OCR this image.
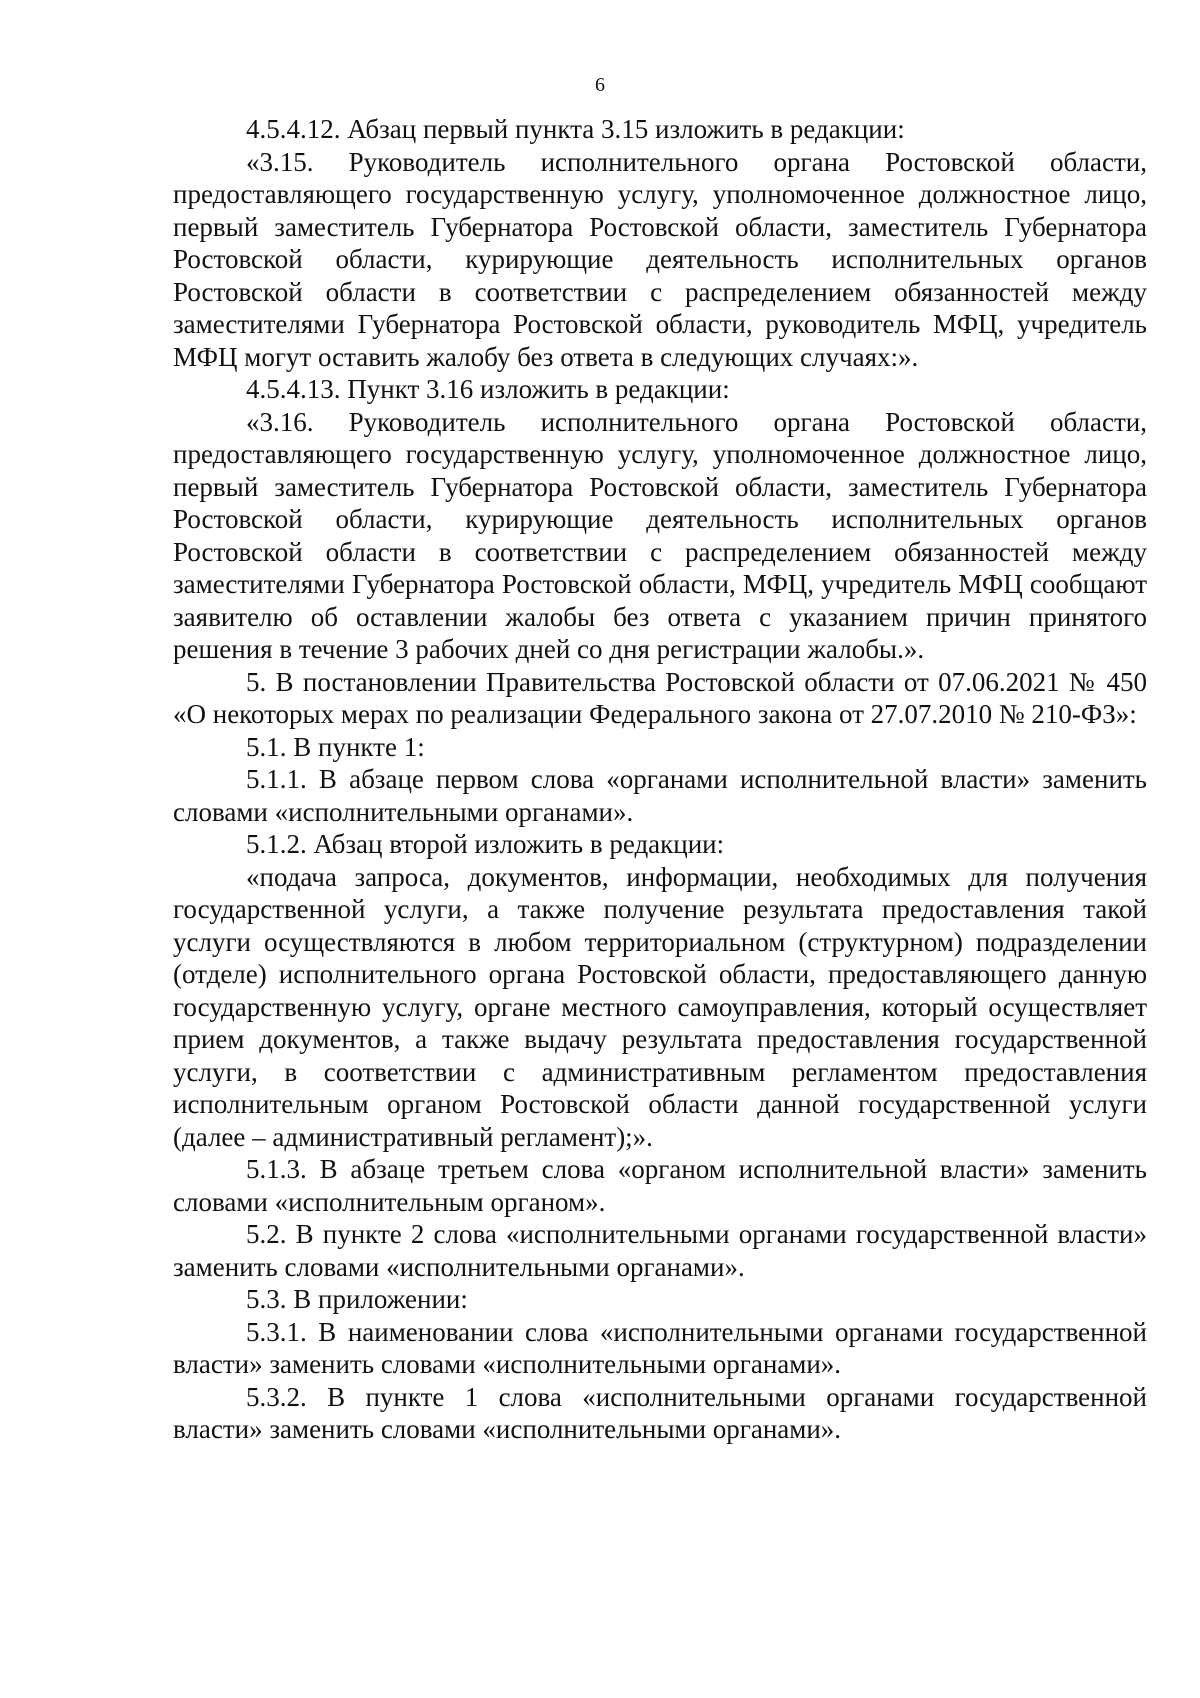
6

4.5.4.12. Абзац первый пункта 3.15 изложить в редакции:

«3.15. Руководитель исполнительного органа Ростовской области, предоставляющего государственную услугу, уполномоченное должностное лицо, первый заместитель Губернатора Ростовской области, заместитель Губернатора Ростовской области, курирующие деятельность исполнительных органов Ростовской области в соответствии с распределением обязанностей между заместителями Губернатора Ростовской области, руководитель МФЦ, учредитель МФЦ могут оставить жалобу без ответа в следующих случаях:».

4.5.4.13. Пункт 3.16 изложить в редакции:

«3.16. Руководитель исполнительного органа Ростовской области, предоставляющего государственную услугу, уполномоченное должностное лицо, первый заместитель Губернатора Ростовской области, заместитель Губернатора Ростовской области, курирующие деятельность исполнительных органов Ростовской области в соответствии с распределением обязанностей между заместителями Губернатора Ростовской области, МФЦ, учредитель МФЦ сообщают заявителю об оставлении жалобы без ответа с указанием причин принятого решения в течение 3 рабочих дней со дня регистрации жалобы.».

5. В постановлении Правительства Ростовской области от 07.06.2021 № 450 «О некоторых мерах по реализации Федерального закона от 27.07.2010 № 210-ФЗ»:

5.1. В пункте 1:

5.1.1. В абзаце первом слова «органами исполнительной власти» заменить словами «исполнительными органами».

5.1.2. Абзац второй изложить в редакции:

«подача запроса, документов, информации, необходимых для получения государственной услуги, а также получение результата предоставления такой услуги осуществляются в любом территориальном (структурном) подразделении (отделе) исполнительного органа Ростовской области, предоставляющего данную государственную услугу, органе местного самоуправления, который осуществляет прием документов, а также выдачу результата предоставления государственной услуги, в соответствии с административным регламентом предоставления исполнительным органом Ростовской области данной государственной услуги (далее – административный регламент);».

5.1.3. В абзаце третьем слова «органом исполнительной власти» заменить словами «исполнительным органом».

5.2. В пункте 2 слова «исполнительными органами государственной власти» заменить словами «исполнительными органами».

5.3. В приложении:

5.3.1. В наименовании слова «исполнительными органами государственной власти» заменить словами «исполнительными органами».

5.3.2. В пункте 1 слова «исполнительными органами государственной власти» заменить словами «исполнительными органами».
